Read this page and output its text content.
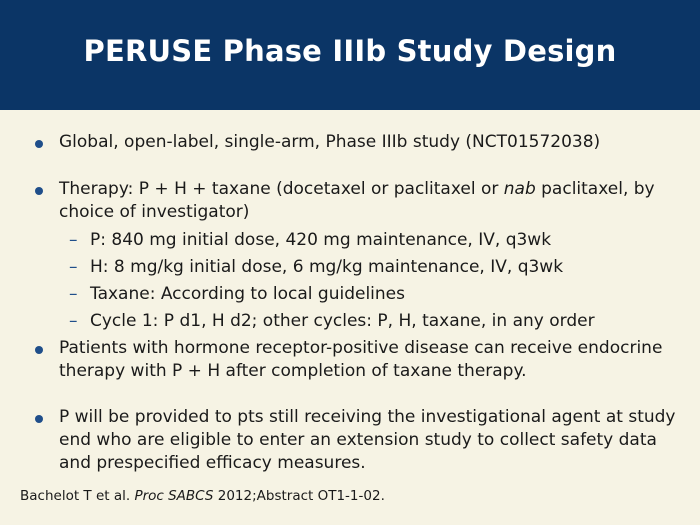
PERUSE Phase IIIb Study Design
Global, open-label, single-arm, Phase IIIb study (NCT01572038)
Therapy: P + H + taxane (docetaxel or paclitaxel or nab paclitaxel, by choice of investigator)
– P: 840 mg initial dose, 420 mg maintenance, IV, q3wk
– H: 8 mg/kg initial dose, 6 mg/kg maintenance, IV, q3wk
– Taxane: According to local guidelines
– Cycle 1: P d1, H d2; other cycles: P, H, taxane, in any order
Patients with hormone receptor-positive disease can receive endocrine therapy with P + H after completion of taxane therapy.
P will be provided to pts still receiving the investigational agent at study end who are eligible to enter an extension study to collect safety data and prespecified efficacy measures.
Bachelot T et al. Proc SABCS 2012;Abstract OT1-1-02.
